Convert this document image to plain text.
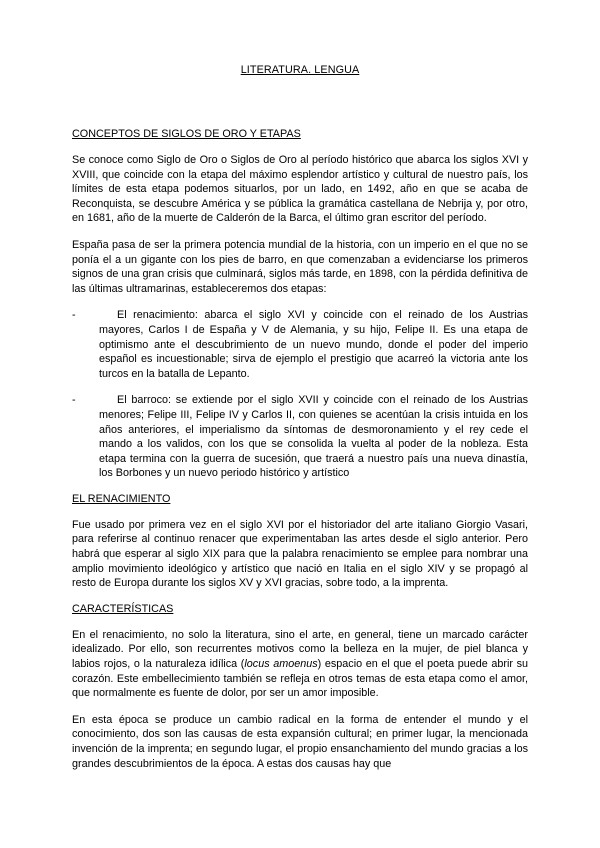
LITERATURA. LENGUA
CONCEPTOS DE SIGLOS DE ORO Y ETAPAS

Se conoce como Siglo de Oro o Siglos de Oro al período histórico que abarca los siglos XVI y XVIII, que coincide con la etapa del máximo esplendor artístico y cultural de nuestro país, los límites de esta etapa podemos situarlos, por un lado, en 1492, año en que se acaba de Reconquista, se descubre América y se públicа la gramática castellana de Nebrija y, por otro, en 1681, año de la muerte de Calderón de la Barca, el último gran escritor del período.

España pasa de ser la primera potencia mundial de la historia, con un imperio en el que no se ponía el a un gigante con los pies de barro, en que comenzaban a evidenciarse los primeros signos de una gran crisis que culminará, siglos más tarde, en 1898, con la pérdida definitiva de las últimas ultramarinas, estableceremos dos etapas:

-	El renacimiento: abarca el siglo XVI y coincide con el reinado de los Austrias mayores, Carlos I de España y V de Alemania, y su hijo, Felipe II. Es una etapa de optimismo ante el descubrimiento de un nuevo mundo, donde el poder del imperio español es incuestionable; sirva de ejemplo el prestigio que acarreó la victoria ante los turcos en la batalla de Lepanto.

-	El barroco: se extiende por el siglo XVII y coincide con el reinado de los Austrias menores; Felipe III, Felipe IV y Carlos II, con quienes se acentúan la crisis intuida en los años anteriores, el imperialismo da síntomas de desmoronamiento y el rey cede el mando a los validos, con los que se consolida la vuelta al poder de la nobleza. Esta etapa termina con la guerra de sucesión, que traerá a nuestro país una nueva dinastía, los Borbones y un nuevo periodo histórico y artístico

EL RENACIMIENTO

Fue usado por primera vez en el siglo XVI por el historiador del arte italiano Giorgio Vasari, para referirse al continuo renacer que experimentaban las artes desde el siglo anterior. Pero habrá que esperar al siglo XIX para que la palabra renacimiento se emplee para nombrar una amplio movimiento ideológico y artístico que nació en Italia en el siglo XIV y se propagó al resto de Europa durante los siglos XV y XVI gracias, sobre todo, a la imprenta.

CARACTERÍSTICAS

En el renacimiento, no solo la literatura, sino el arte, en general, tiene un marcado carácter idealizado. Por ello, son recurrentes motivos como la belleza en la mujer, de piel blanca y labios rojos, o la naturaleza idílica (locus amoenus) espacio en el que el poeta puede abrir su corazón. Este embellecimiento también se refleja en otros temas de esta etapa como el amor, que normalmente es fuente de dolor, por ser un amor imposible.

En esta época se produce un cambio radical en la forma de entender el mundo y el conocimiento, dos son las causas de esta expansión cultural; en primer lugar, la mencionada invención de la imprenta; en segundo lugar, el propio ensanchamiento del mundo gracias a los grandes descubrimientos de la época. A estas dos causas hay que
